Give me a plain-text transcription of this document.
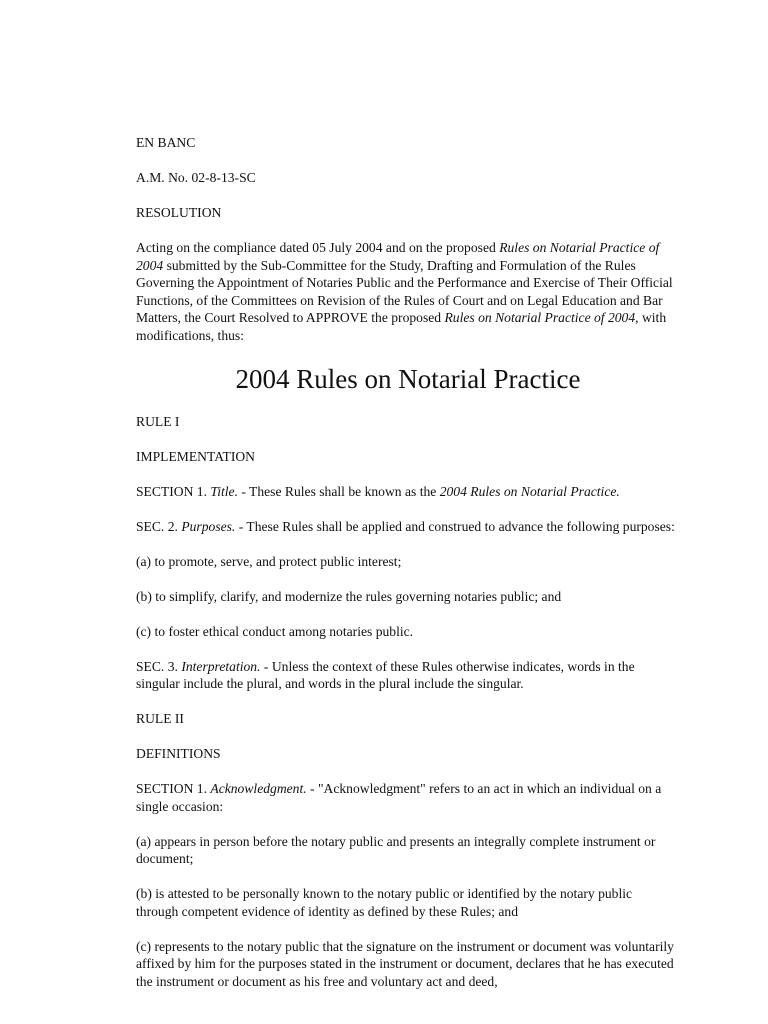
EN BANC

A.M. No. 02-8-13-SC

RESOLUTION

Acting on the compliance dated 05 July 2004 and on the proposed Rules on Notarial Practice of 2004 submitted by the Sub-Committee for the Study, Drafting and Formulation of the Rules Governing the Appointment of Notaries Public and the Performance and Exercise of Their Official Functions, of the Committees on Revision of the Rules of Court and on Legal Education and Bar Matters, the Court Resolved to APPROVE the proposed Rules on Notarial Practice of 2004, with modifications, thus:

2004 Rules on Notarial Practice

RULE I

IMPLEMENTATION

SECTION 1. Title. - These Rules shall be known as the 2004 Rules on Notarial Practice.

SEC. 2. Purposes. - These Rules shall be applied and construed to advance the following purposes:

(a) to promote, serve, and protect public interest;

(b) to simplify, clarify, and modernize the rules governing notaries public; and

(c) to foster ethical conduct among notaries public.

SEC. 3. Interpretation. - Unless the context of these Rules otherwise indicates, words in the singular include the plural, and words in the plural include the singular.

RULE II

DEFINITIONS

SECTION 1. Acknowledgment. - "Acknowledgment" refers to an act in which an individual on a single occasion:

(a) appears in person before the notary public and presents an integrally complete instrument or document;

(b) is attested to be personally known to the notary public or identified by the notary public through competent evidence of identity as defined by these Rules; and

(c) represents to the notary public that the signature on the instrument or document was voluntarily affixed by him for the purposes stated in the instrument or document, declares that he has executed the instrument or document as his free and voluntary act and deed,
